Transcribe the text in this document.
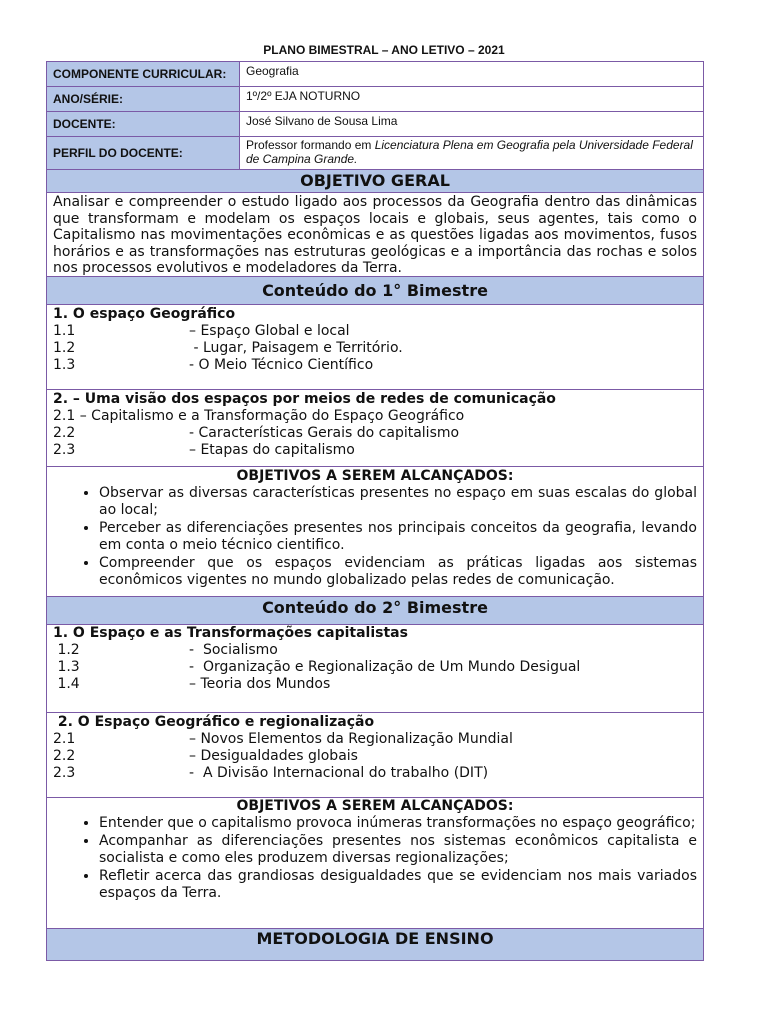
PLANO BIMESTRAL – ANO LETIVO – 2021
COMPONENTE CURRICULAR:	Geografia
ANO/SÉRIE:	1º/2º EJA NOTURNO
DOCENTE:	José Silvano de Sousa Lima
PERFIL DO DOCENTE:
Professor formando em Licenciatura Plena em Geografia pela Universidade Federal de Campina Grande.
OBJETIVO GERAL
Analisar e compreender o estudo ligado aos processos da Geografia dentro das dinâmicas que transformam e modelam os espaços locais e globais, seus agentes, tais como o Capitalismo nas movimentações econômicas e as questões ligadas aos movimentos, fusos horários e as transformações nas estruturas geológicas e a importância das rochas e solos nos processos evolutivos e modeladores da Terra.
Conteúdo do 1° Bimestre
1. O espaço Geográfico
1.1	– Espaço Global e local
1.2	- Lugar, Paisagem e Território.
1.3	- O Meio Técnico Científico
2. – Uma visão dos espaços por meios de redes de comunicação
2.1 – Capitalismo e a Transformação do Espaço Geográfico
2.2	- Características Gerais do capitalismo
2.3	– Etapas do capitalismo
OBJETIVOS A SEREM ALCANÇADOS:
• Observar as diversas características presentes no espaço em suas escalas do global ao local;
• Perceber as diferenciações presentes nos principais conceitos da geografia, levando em conta o meio técnico cientifico.
• Compreender que os espaços evidenciam as práticas ligadas aos sistemas econômicos vigentes no mundo globalizado pelas redes de comunicação.
Conteúdo do 2° Bimestre
1. O Espaço e as Transformações capitalistas
1.2	-  Socialismo
1.3	-  Organização e Regionalização de Um Mundo Desigual
1.4	– Teoria dos Mundos
2. O Espaço Geográfico e regionalização
2.1	– Novos Elementos da Regionalização Mundial
2.2	– Desigualdades globais
2.3	-  A Divisão Internacional do trabalho (DIT)
OBJETIVOS A SEREM ALCANÇADOS:
• Entender que o capitalismo provoca inúmeras transformações no espaço geográfico;
• Acompanhar as diferenciações presentes nos sistemas econômicos capitalista e socialista e como eles produzem diversas regionalizações;
• Refletir acerca das grandiosas desigualdades que se evidenciam nos mais variados espaços da Terra.
METODOLOGIA DE ENSINO
